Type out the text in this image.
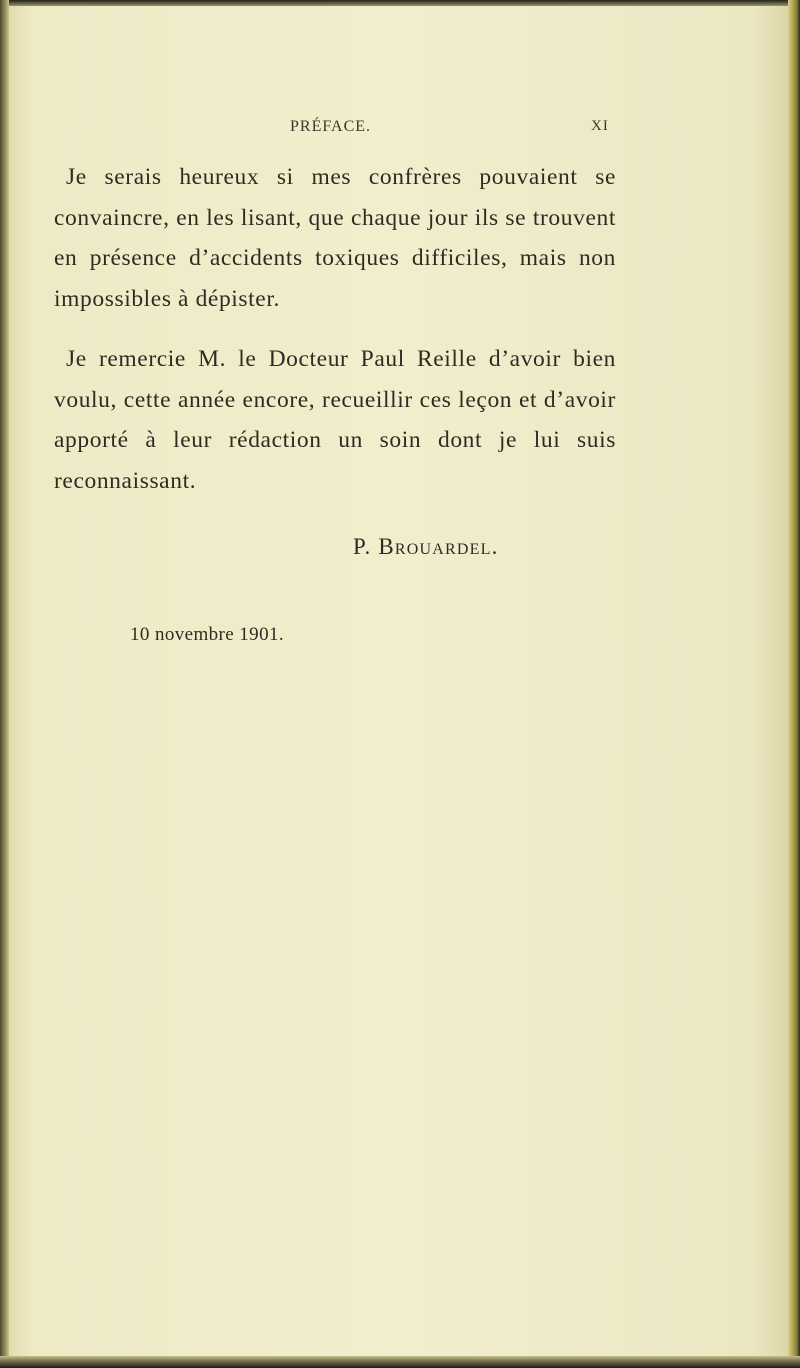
PRÉFACE.	XI

Je serais heureux si mes confrères pouvaient se convaincre, en les lisant, que chaque jour ils se trouvent en présence d’accidents toxiques difficiles, mais non impossibles à dépister.

Je remercie M. le Docteur Paul Reille d’avoir bien voulu, cette année encore, recueillir ces leçon et d’avoir apporté à leur rédaction un soin dont je lui suis reconnaissant.

P. Brouardel.
10 novembre 1901.
